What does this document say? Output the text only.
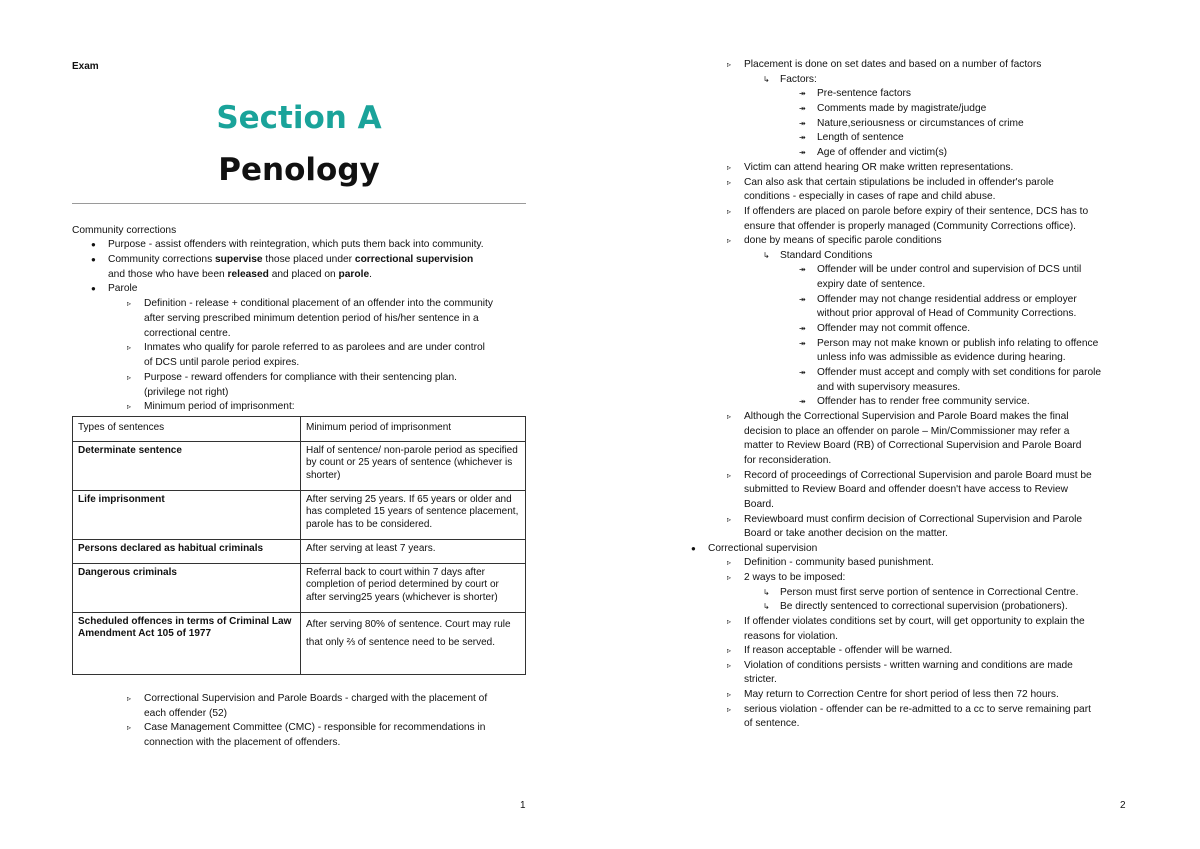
Exam
Section A
Penology
Community corrections
●
Purpose - assist offenders with reintegration, which puts them back into community.
●
Community corrections supervise those placed under correctional supervision
and those who have been released and placed on parole.
●
Parole
▹
Definition - release + conditional placement of an offender into the community
after serving prescribed minimum detention period of his/her sentence in a
correctional centre.
▹
Inmates who qualify for parole referred to as parolees and are under control
of DCS until parole period expires.
▹
Purpose - reward offenders for compliance with their sentencing plan.
(privilege not right)
▹
Minimum period of imprisonment:
Types of sentences	Minimum period of imprisonment
Determinate sentence	Half of sentence/ non-parole period as specified by count or 25 years of sentence (whichever is shorter)
Life imprisonment	After serving 25 years. If 65 years or older and has completed 15 years of sentence placement, parole has to be considered.
Persons declared as habitual criminals	After serving at least 7 years.
Dangerous criminals	Referral back to court within 7 days after completion of period determined by court or after serving25 years (whichever is shorter)
Scheduled offences in terms of Criminal Law Amendment Act 105 of 1977	After serving 80% of sentence. Court may rule that only ⅔ of sentence need to be served.
▹
Correctional Supervision and Parole Boards - charged with the placement of
each offender (52)
▹
Case Management Committee (CMC) - responsible for recommendations in
connection with the placement of offenders.
1
▹
Placement is done on set dates and based on a number of factors
↳
Factors:
↠
Pre-sentence factors
↠
Comments made by magistrate/judge
↠
Nature,seriousness or circumstances of crime
↠
Length of sentence
↠
Age of offender and victim(s)
▹
Victim can attend hearing OR make written representations.
▹
Can also ask that certain stipulations be included in offender's parole
conditions - especially in cases of rape and child abuse.
▹
If offenders are placed on parole before expiry of their sentence, DCS has to
ensure that offender is properly managed (Community Corrections office).
▹
done by means of specific parole conditions
↳
Standard Conditions
↠
Offender will be under control and supervision of DCS until
expiry date of sentence.
↠
Offender may not change residential address or employer
without prior approval of Head of Community Corrections.
↠
Offender may not commit offence.
↠
Person may not make known or publish info relating to offence
unless info was admissible as evidence during hearing.
↠
Offender must accept and comply with set conditions for parole
and with supervisory measures.
↠
Offender has to render free community service.
▹
Although the Correctional Supervision and Parole Board makes the final
decision to place an offender on parole – Min/Commissioner may refer a
matter to Review Board (RB) of Correctional Supervision and Parole Board
for reconsideration.
▹
Record of proceedings of Correctional Supervision and parole Board must be
submitted to Review Board and offender doesn't have access to Review
Board.
▹
Reviewboard must confirm decision of Correctional Supervision and Parole
Board or take another decision on the matter.
●
Correctional supervision
▹
Definition - community based punishment.
▹
2 ways to be imposed:
↳
Person must first serve portion of sentence in Correctional Centre.
↳
Be directly sentenced to correctional supervision (probationers).
▹
If offender violates conditions set by court, will get opportunity to explain the
reasons for violation.
▹
If reason acceptable - offender will be warned.
▹
Violation of conditions persists - written warning and conditions are made
stricter.
▹
May return to Correction Centre for short period of less then 72 hours.
▹
serious violation - offender can be re-admitted to a cc to serve remaining part
of sentence.
2
